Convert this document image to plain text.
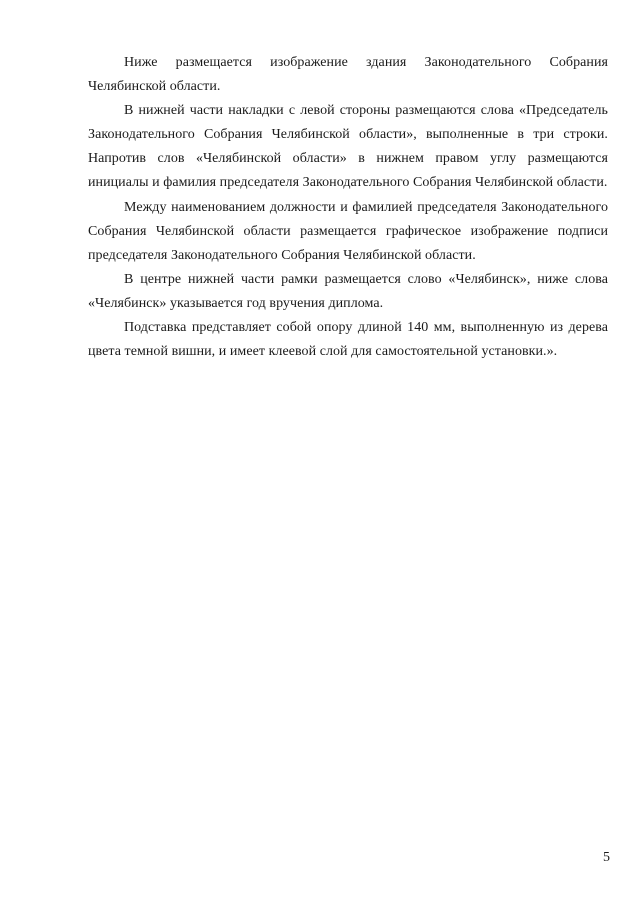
Ниже размещается изображение здания Законодательного Собрания Челябинской области.

В нижней части накладки с левой стороны размещаются слова «Председатель Законодательного Собрания Челябинской области», выполненные в три строки. Напротив слов «Челябинской области» в нижнем правом углу размещаются инициалы и фамилия председателя Законодательного Собрания Челябинской области.

Между наименованием должности и фамилией председателя Законодательного Собрания Челябинской области размещается графическое изображение подписи председателя Законодательного Собрания Челябинской области.

В центре нижней части рамки размещается слово «Челябинск», ниже слова «Челябинск» указывается год вручения диплома.

Подставка представляет собой опору длиной 140 мм, выполненную из дерева цвета темной вишни, и имеет клеевой слой для самостоятельной установки.».

5
